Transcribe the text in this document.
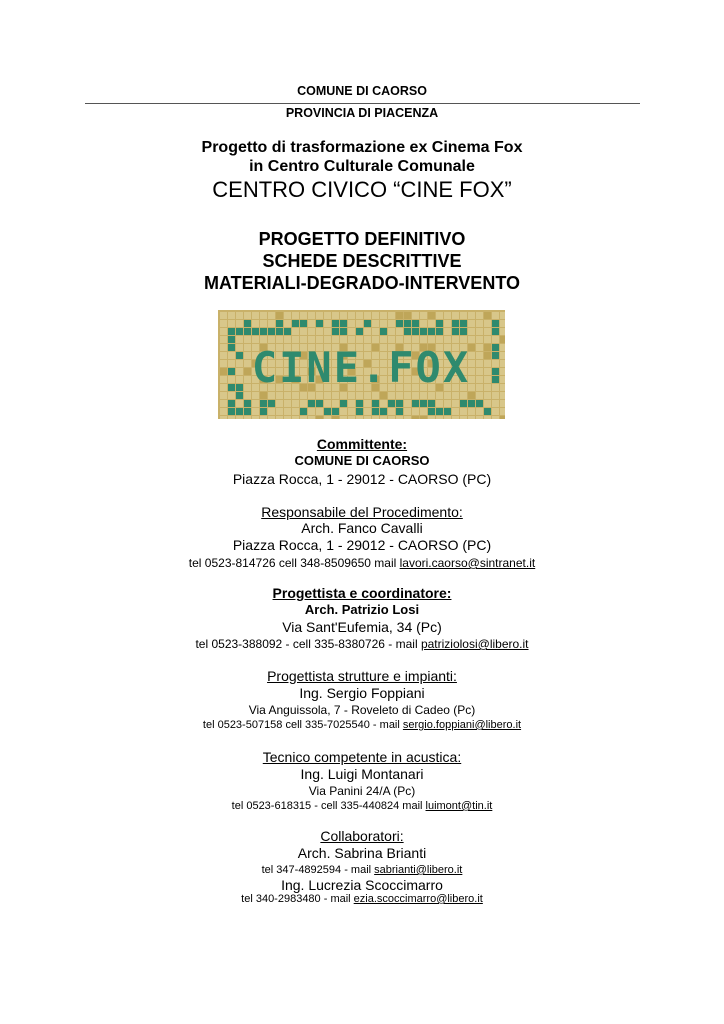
COMUNE DI CAORSO
PROVINCIA DI PIACENZA
Progetto di trasformazione ex Cinema Fox
in Centro Culturale Comunale
CENTRO CIVICO “CINE FOX”
PROGETTO DEFINITIVO
SCHEDE DESCRITTIVE
MATERIALI-DEGRADO-INTERVENTO
CINE.FOX
Committente:
COMUNE DI CAORSO
Piazza Rocca, 1 - 29012 - CAORSO (PC)
Responsabile del Procedimento:
Arch. Fanco Cavalli
Piazza Rocca, 1 - 29012 - CAORSO (PC)
tel 0523-814726 cell 348-8509650 mail lavori.caorso@sintranet.it
Progettista e coordinatore:
Arch. Patrizio Losi
Via Sant'Eufemia, 34 (Pc)
tel 0523-388092 - cell 335-8380726 - mail patriziolosi@libero.it
Progettista strutture e impianti:
Ing. Sergio Foppiani
Via Anguissola, 7 - Roveleto di Cadeo (Pc)
tel 0523-507158 cell 335-7025540 - mail sergio.foppiani@libero.it
Tecnico competente in acustica:
Ing. Luigi Montanari
Via Panini 24/A (Pc)
tel 0523-618315 - cell 335-440824 mail luimont@tin.it
Collaboratori:
Arch. Sabrina Brianti
tel 347-4892594 - mail sabrianti@libero.it
Ing. Lucrezia Scoccimarro
tel 340-2983480 - mail ezia.scoccimarro@libero.it
